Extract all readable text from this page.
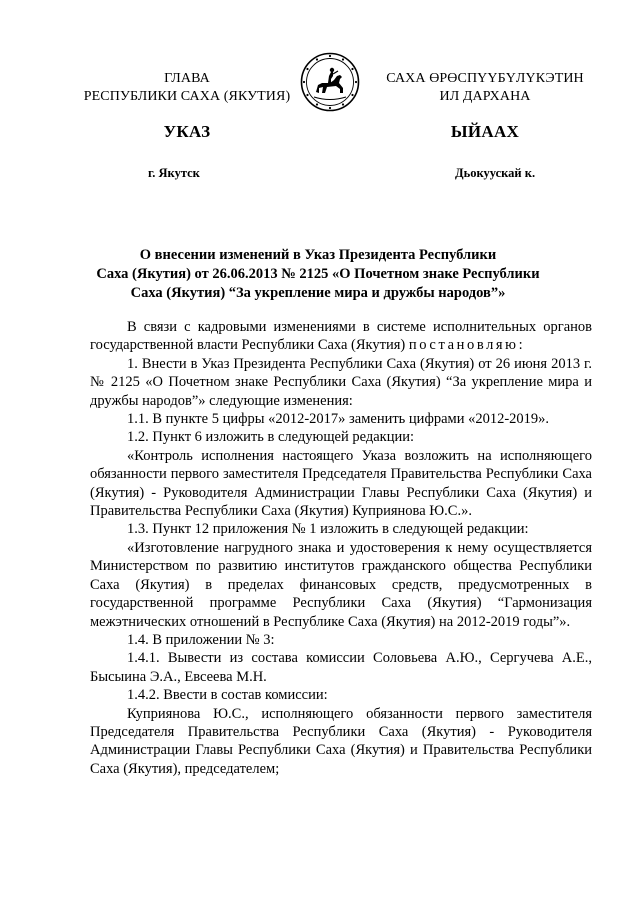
ГЛАВА
РЕСПУБЛИКИ САХА (ЯКУТИЯ)
САХА ӨРӨСПҮҮБҮЛҮКЭТИН
ИЛ ДАРХАНА
УКАЗ	ЫЙААХ
г. Якутск	Дьокуускай к.
О внесении изменений в Указ Президента Республики
Саха (Якутия) от 26.06.2013 № 2125 «О Почетном знаке Республики
Саха (Якутия) “За укрепление мира и дружбы народов”»

В связи с кадровыми изменениями в системе исполнительных органов государственной власти Республики Саха (Якутия) постановляю:

1. Внести в Указ Президента Республики Саха (Якутия) от 26 июня 2013 г. № 2125 «О Почетном знаке Республики Саха (Якутия) “За укрепление мира и дружбы народов”» следующие изменения:

1.1. В пункте 5 цифры «2012-2017» заменить цифрами «2012-2019».

1.2. Пункт 6 изложить в следующей редакции:

«Контроль исполнения настоящего Указа возложить на исполняющего обязанности первого заместителя Председателя Правительства Республики Саха (Якутия) - Руководителя Администрации Главы Республики Саха (Якутия) и Правительства Республики Саха (Якутия) Куприянова Ю.С.».

1.3. Пункт 12 приложения № 1 изложить в следующей редакции:

«Изготовление нагрудного знака и удостоверения к нему осуществляется Министерством по развитию институтов гражданского общества Республики Саха (Якутия) в пределах финансовых средств, предусмотренных в государственной программе Республики Саха (Якутия) “Гармонизация межэтнических отношений в Республике Саха (Якутия) на 2012-2019 годы”».

1.4. В приложении № 3:

1.4.1. Вывести из состава комиссии Соловьева А.Ю., Сергучева А.Е., Бысыина Э.А., Евсеева М.Н.

1.4.2. Ввести в состав комиссии:

Куприянова Ю.С., исполняющего обязанности первого заместителя Председателя Правительства Республики Саха (Якутия) - Руководителя Администрации Главы Республики Саха (Якутия) и Правительства Республики Саха (Якутия), председателем;
